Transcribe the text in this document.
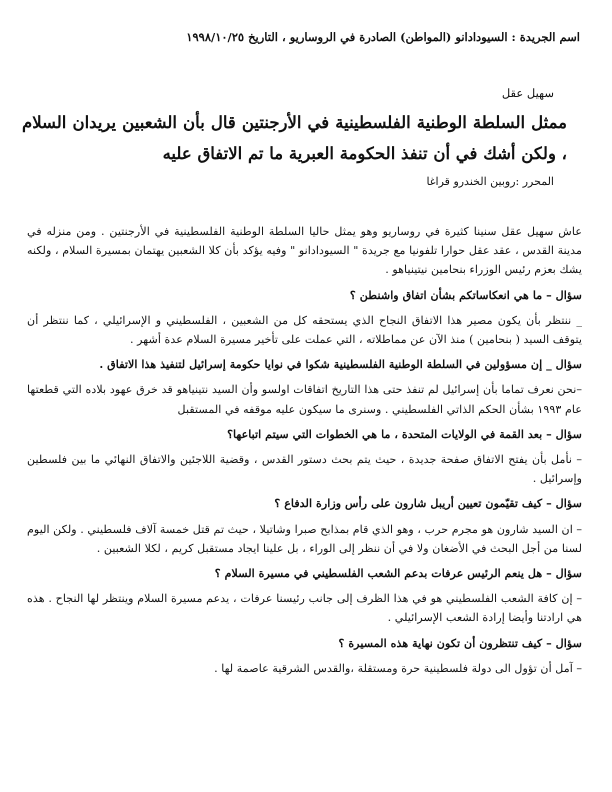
اسم الجريدة : السيودادانو (المواطن) الصادرة في الروساريو ، التاريخ ١٩٩٨/١٠/٢٥
سهيل عقل
ممثل السلطة الوطنية الفلسطينية في الأرجنتين قال بأن الشعبين يريدان السلام ، ولكن أشك في أن تنفذ الحكومة العبرية ما تم الاتفاق عليه
المحرر :روبين الخندرو قراغا

عاش سهيل عقل سنينا كثيرة في روساريو وهو يمثل حاليا السلطة الوطنية الفلسطينية في الأرجنتين . ومن منزله في مدينة القدس ، عقد عقل حوارا تلفونيا مع جريدة " السيودادانو " وفيه يؤكد بأن كلا الشعبين يهتمان بمسيرة السلام ، ولكنه يشك بعزم رئيس الوزراء بنحامين نيتينياهو .

سؤال – ما هي انعكاساتكم بشأن اتفاق واشنطن ؟

_ ننتظر بأن يكون مصير هذا الاتفاق النجاح الذي يستحقه كل من الشعبين ، الفلسطيني و الإسرائيلي ، كما ننتظر أن يتوقف السيد ( بنحامين ) منذ الآن عن مماطلاته ، التي عملت على تأخير مسيرة السلام عدة أشهر .

سؤال _ إن مسؤولين في السلطة الوطنية الفلسطينية شكوا في نوايا حكومة إسرائيل لتنفيذ هذا الاتفاق .

–نحن نعرف تماما بأن إسرائيل لم تنفذ حتى هذا التاريخ اتفاقات اولسو وأن السيد نتينياهو قد خرق عهود بلاده التي قطعتها عام ١٩٩٣ بشأن الحكم الذاتي الفلسطيني . وسنرى ما سيكون عليه موقفه في المستقبل

سؤال – بعد القمة في الولايات المتحدة ، ما هي الخطوات التي سيتم اتباعها؟

– نأمل بأن يفتح الاتفاق صفحة جديدة ، حيث يتم بحث دستور القدس ، وقضية اللاجئين والاتفاق النهائي ما بين فلسطين وإسرائيل .

سؤال – كيف تقيّمون تعيين أريبل شارون على رأس وزارة الدفاع ؟

– ان السيد شارون هو مجرم حرب ، وهو الذي قام بمذابح صبرا وشاتيلا ، حيث تم قتل خمسة آلاف فلسطيني . ولكن اليوم لسنا من أجل البحث في الأضغان ولا في أن ننظر إلى الوراء ، بل علينا ايجاد مستقبل كريم ، لكلا الشعبين .

سؤال – هل ينعم الرئيس عرفات بدعم الشعب الفلسطيني في مسيرة السلام ؟

– إن كافة الشعب الفلسطيني هو في هذا الظرف إلى جانب رئيسنا عرفات ، يدعم مسيرة السلام وينتظر لها النجاح . هذه هي ارادتنا وأيضا إرادة الشعب الإسرائيلي .

سؤال – كيف تنتظرون أن تكون نهاية هذه المسيرة ؟

– آمل أن تؤول الى دولة فلسطينية حرة ومستقلة ،والقدس الشرقية عاصمة لها .
